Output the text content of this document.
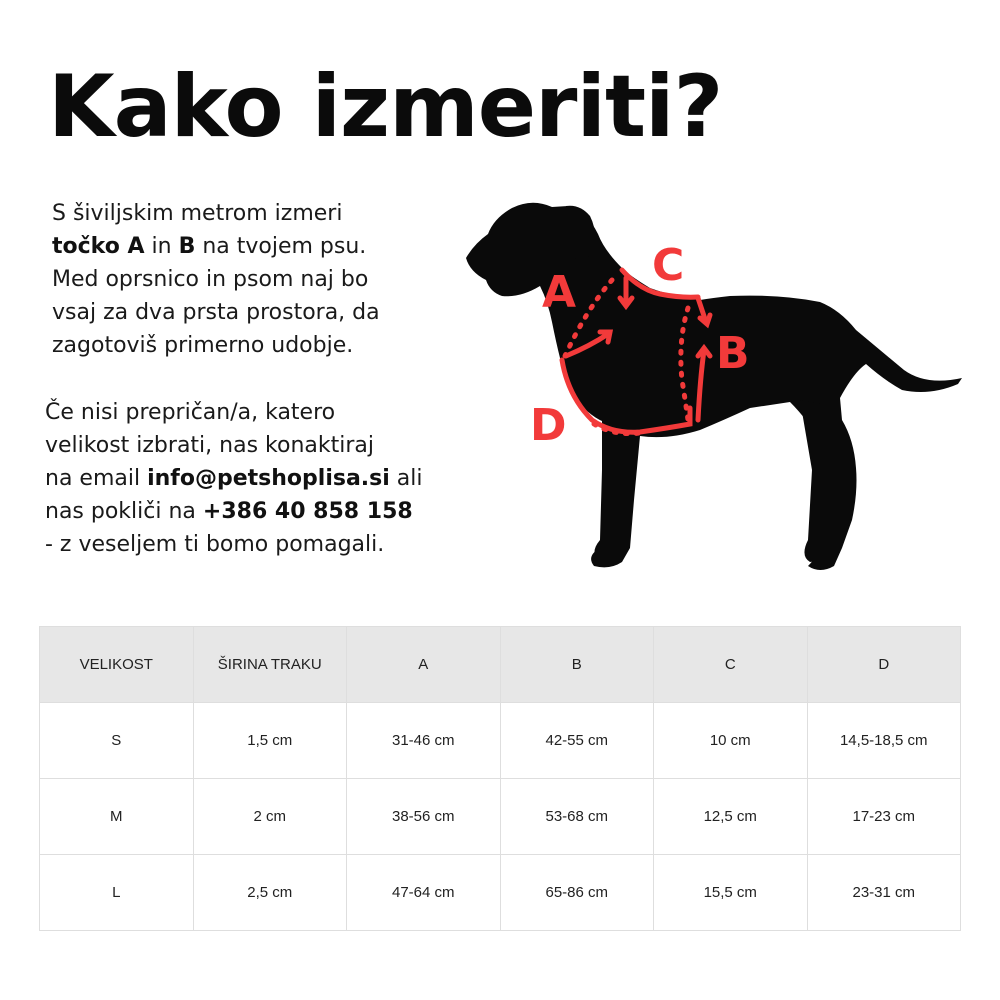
Kako izmeriti?
S šiviljskim metrom izmeri
točko A in B na tvojem psu.
Med oprsnico in psom naj bo
vsaj za dva prsta prostora, da
zagotoviš primerno udobje.
Če nisi prepričan/a, katero
velikost izbrati, nas konaktiraj
na email info@petshoplisa.si ali
nas pokliči na +386 40 858 158
- z veseljem ti bomo pomagali.
A
C
B
D
VELIKOST	ŠIRINA TRAKU	A	B	C	D
S	1,5 cm	31-46 cm	42-55 cm	10 cm	14,5-18,5 cm
M	2 cm	38-56 cm	53-68 cm	12,5 cm	17-23 cm
L	2,5 cm	47-64 cm	65-86 cm	15,5 cm	23-31 cm
